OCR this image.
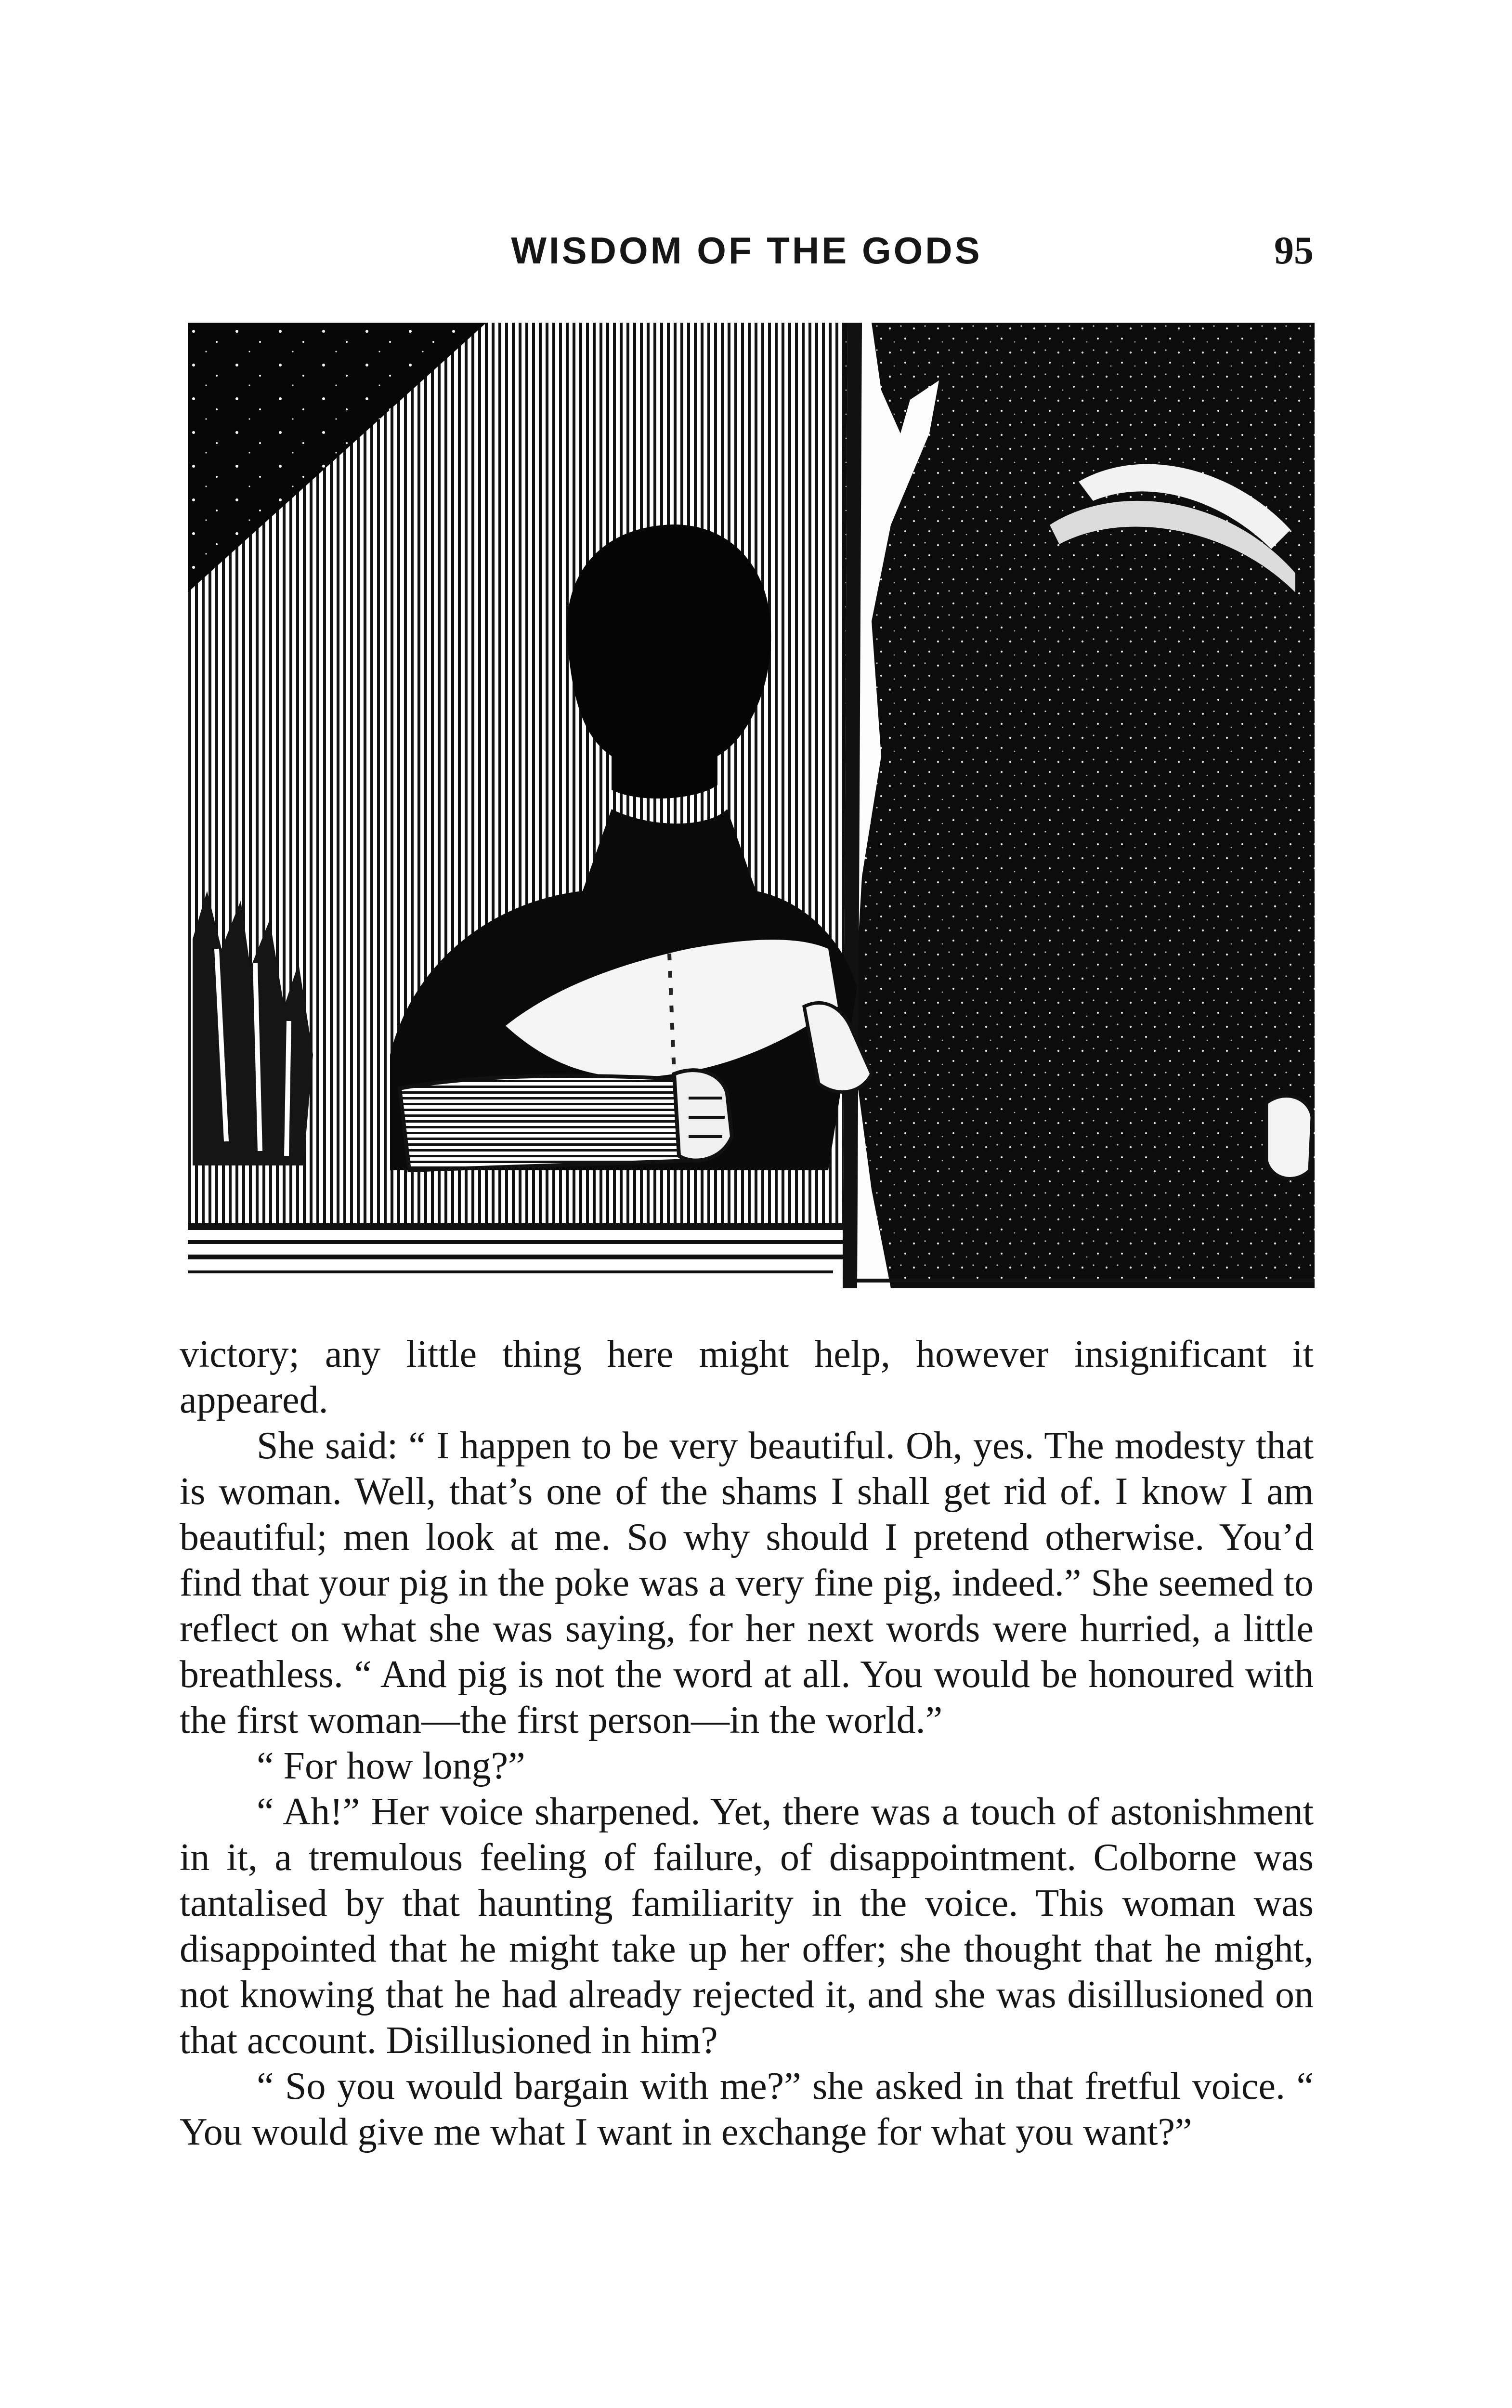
WISDOM OF THE GODS	95

victory; any little thing here might help, however insignificant it appeared.

She said: “ I happen to be very beautiful. Oh, yes. The modesty that is woman. Well, that’s one of the shams I shall get rid of. I know I am beautiful; men look at me. So why should I pretend otherwise. You’d find that your pig in the poke was a very fine pig, indeed.” She seemed to reflect on what she was saying, for her next words were hurried, a little breathless. “ And pig is not the word at all. You would be honoured with the first woman—the first person—in the world.”

“ For how long?”

“ Ah!” Her voice sharpened. Yet, there was a touch of astonishment in it, a tremulous feeling of failure, of disappointment. Colborne was tantalised by that haunting familiarity in the voice. This woman was disappointed that he might take up her offer; she thought that he might, not knowing that he had already rejected it, and she was disillusioned on that account. Disillusioned in him?

“ So you would bargain with me?” she asked in that fretful voice. “ You would give me what I want in exchange for what you want?”
